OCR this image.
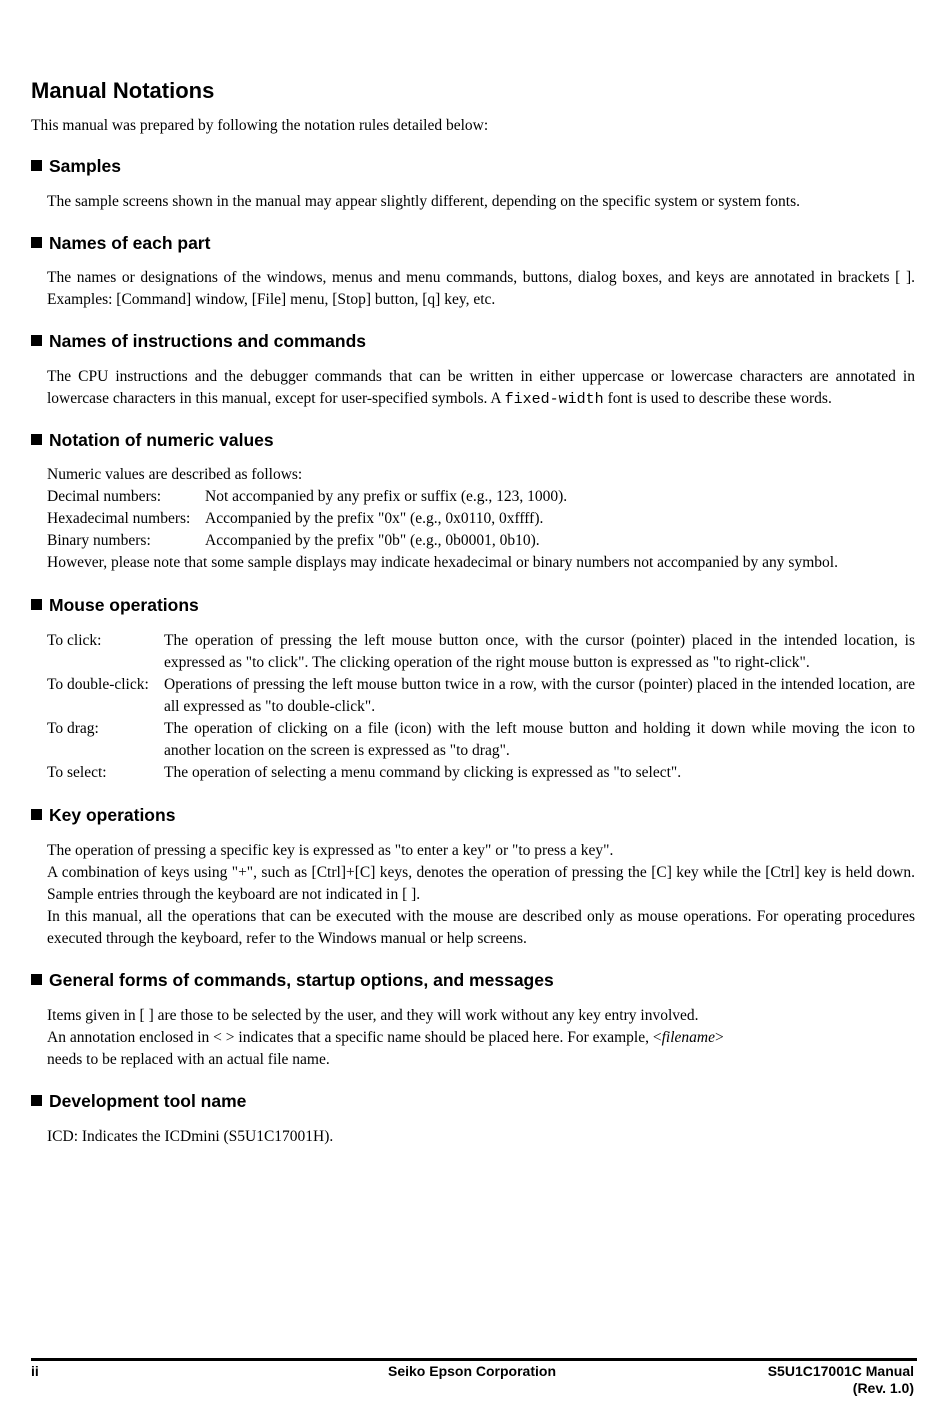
Manual Notations

This manual was prepared by following the notation rules detailed below:

Samples

The sample screens shown in the manual may appear slightly different, depending on the specific system or system fonts.

Names of each part

The names or designations of the windows, menus and menu commands, buttons, dialog boxes, and keys are annotated in brackets [ ]. Examples: [Command] window, [File] menu, [Stop] button, [q] key, etc.

Names of instructions and commands

The CPU instructions and the debugger commands that can be written in either uppercase or lowercase characters are annotated in lowercase characters in this manual, except for user-specified symbols. A fixed-width font is used to describe these words.

Notation of numeric values

Numeric values are described as follows:

Decimal numbers:	Not accompanied by any prefix or suffix (e.g., 123, 1000).
Hexadecimal numbers: Accompanied by the prefix "0x" (e.g., 0x0110, 0xffff).
Binary numbers:	Accompanied by the prefix "0b" (e.g., 0b0001, 0b10).

However, please note that some sample displays may indicate hexadecimal or binary numbers not accompanied by any symbol.

Mouse operations
To click:	The operation of pressing the left mouse button once, with the cursor (pointer) placed in the intended location, is expressed as "to click". The clicking operation of the right mouse button is expressed as "to right-click".
To double-click: Operations of pressing the left mouse button twice in a row, with the cursor (pointer) placed in the intended location, are all expressed as "to double-click".
To drag:	The operation of clicking on a file (icon) with the left mouse button and holding it down while moving the icon to another location on the screen is expressed as "to drag".
To select:	The operation of selecting a menu command by clicking is expressed as "to select".
Key operations

The operation of pressing a specific key is expressed as "to enter a key" or "to press a key".

A combination of keys using "+", such as [Ctrl]+[C] keys, denotes the operation of pressing the [C] key while the [Ctrl] key is held down. Sample entries through the keyboard are not indicated in [ ].

In this manual, all the operations that can be executed with the mouse are described only as mouse operations. For operating procedures executed through the keyboard, refer to the Windows manual or help screens.

General forms of commands, startup options, and messages

Items given in [ ] are those to be selected by the user, and they will work without any key entry involved.

An annotation enclosed in < > indicates that a specific name should be placed here. For example, <filename>

needs to be replaced with an actual file name.

Development tool name

ICD: Indicates the ICDmini (S5U1C17001H).

ii	Seiko Epson Corporation	S5U1C17001C Manual
(Rev. 1.0)
